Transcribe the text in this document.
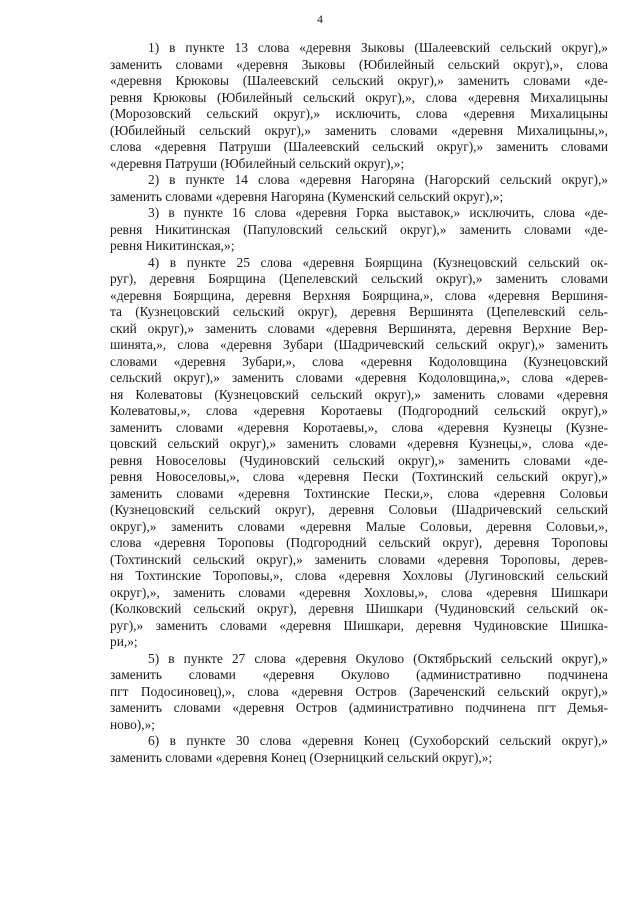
4
1) в пункте 13 слова «деревня Зыковы (Шалеевский сельский округ),»
заменить словами «деревня Зыковы (Юбилейный сельский округ),», слова
«деревня Крюковы (Шалеевский сельский округ),» заменить словами «де-
ревня Крюковы (Юбилейный сельский округ),», слова «деревня Михалицыны
(Морозовский сельский округ),» исключить, слова «деревня Михалицыны
(Юбилейный сельский округ),» заменить словами «деревня Михалицыны,»,
слова «деревня Патруши (Шалеевский сельский округ),» заменить словами
«деревня Патруши (Юбилейный сельский округ),»;
2) в пункте 14 слова «деревня Нагоряна (Нагорский сельский округ),»
заменить словами «деревня Нагоряна (Куменский сельский округ),»;
3) в пункте 16 слова «деревня Горка выставок,» исключить, слова «де-
ревня Никитинская (Папуловский сельский округ),» заменить словами «де-
ревня Никитинская,»;
4) в пункте 25 слова «деревня Боярщина (Кузнецовский сельский ок-
руг), деревня Боярщина (Цепелевский сельский округ),» заменить словами
«деревня Боярщина, деревня Верхняя Боярщина,», слова «деревня Вершиня-
та (Кузнецовский сельский округ), деревня Вершинята (Цепелевский сель-
ский округ),» заменить словами «деревня Вершинята, деревня Верхние Вер-
шинята,», слова «деревня Зубари (Шадричевский сельский округ),» заменить
словами «деревня Зубари,», слова «деревня Кодоловщина (Кузнецовский
сельский округ),» заменить словами «деревня Кодоловщина,», слова «дерев-
ня Колеватовы (Кузнецовский сельский округ),» заменить словами «деревня
Колеватовы,», слова «деревня Коротаевы (Подгородний сельский округ),»
заменить словами «деревня Коротаевы,», слова «деревня Кузнецы (Кузне-
цовский сельский округ),» заменить словами «деревня Кузнецы,», слова «де-
ревня Новоселовы (Чудиновский сельский округ),» заменить словами «де-
ревня Новоселовы,», слова «деревня Пески (Тохтинский сельский округ),»
заменить словами «деревня Тохтинские Пески,», слова «деревня Соловьи
(Кузнецовский сельский округ), деревня Соловьи (Шадричевский сельский
округ),» заменить словами «деревня Малые Соловьи, деревня Соловьи,»,
слова «деревня Тороповы (Подгородний сельский округ), деревня Тороповы
(Тохтинский сельский округ),» заменить словами «деревня Тороповы, дерев-
ня Тохтинские Тороповы,», слова «деревня Хохловы (Лугиновский сельский
округ),», заменить словами «деревня Хохловы,», слова «деревня Шишкари
(Колковский сельский округ), деревня Шишкари (Чудиновский сельский ок-
руг),» заменить словами «деревня Шишкари, деревня Чудиновские Шишка-
ри,»;
5) в пункте 27 слова «деревня Окулово (Октябрьский сельский округ),»
заменить словами «деревня Окулово (административно подчинена
пгт Подосиновец),», слова «деревня Остров (Зареченский сельский округ),»
заменить словами «деревня Остров (административно подчинена пгт Демья-
ново),»;
6) в пункте 30 слова «деревня Конец (Сухоборский сельский округ),»
заменить словами «деревня Конец (Озерницкий сельский округ),»;
